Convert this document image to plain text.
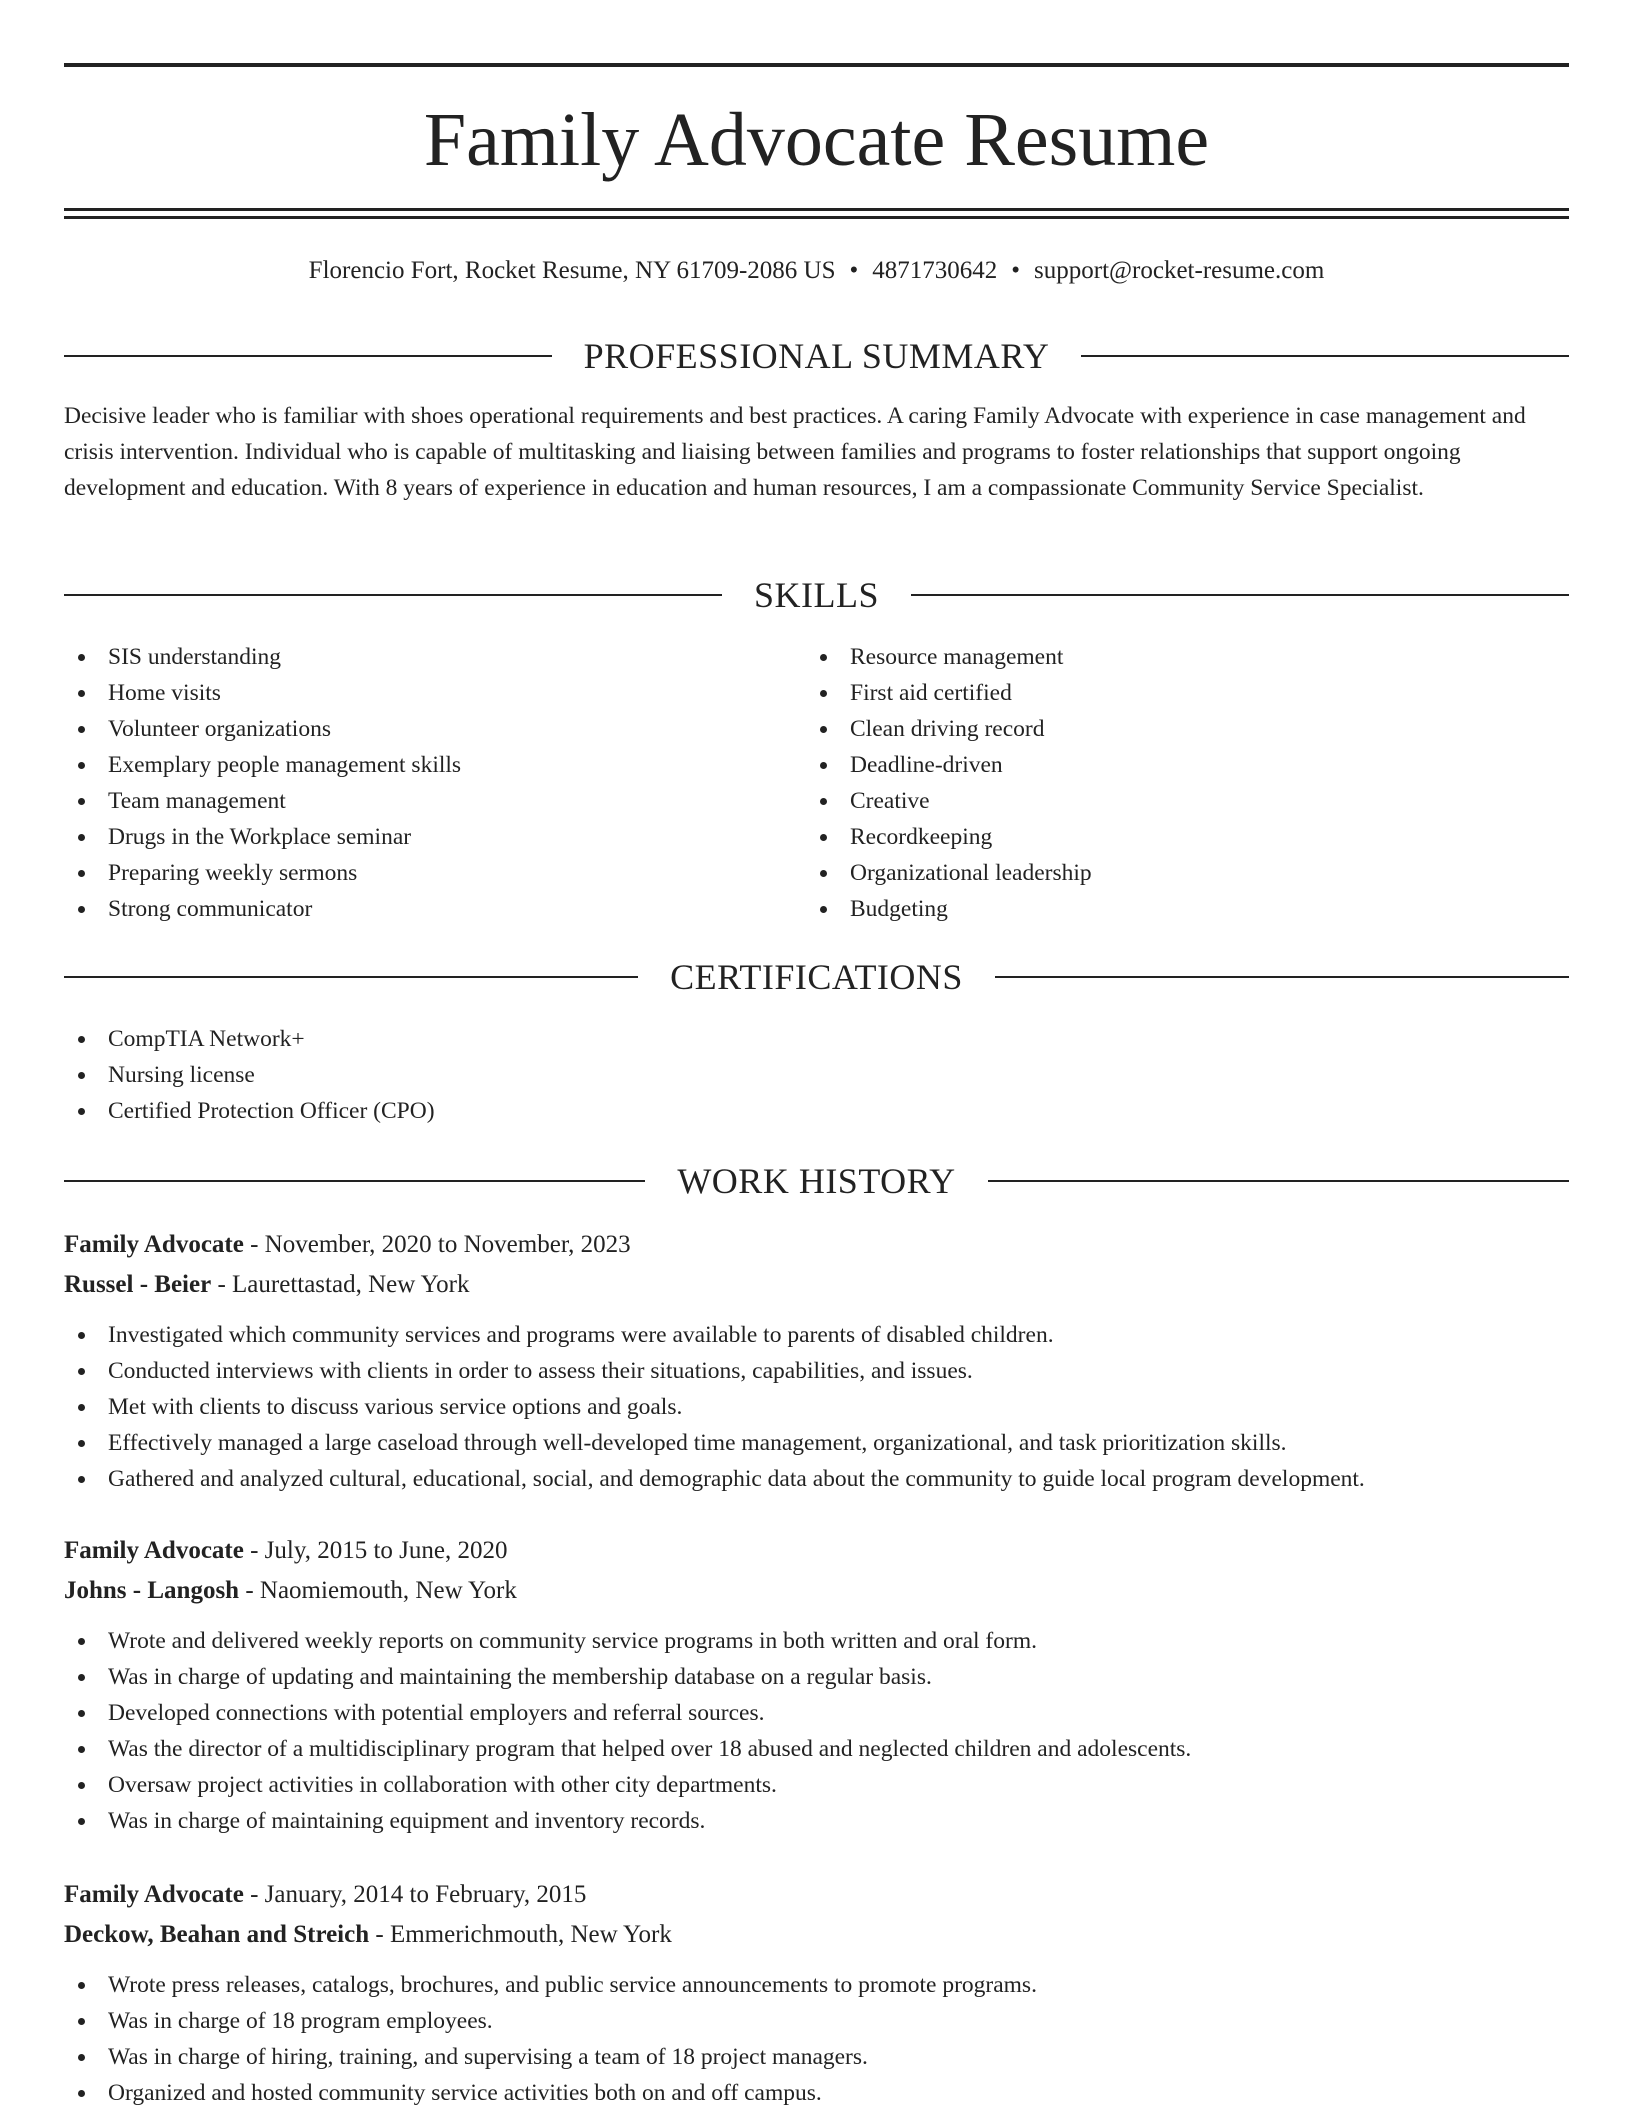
Family Advocate Resume
Florencio Fort, Rocket Resume, NY 61709-2086 US • 4871730642 • support@rocket-resume.com
PROFESSIONAL SUMMARY

Decisive leader who is familiar with shoes operational requirements and best practices. A caring Family Advocate with experience in case management and crisis intervention. Individual who is capable of multitasking and liaising between families and programs to foster relationships that support ongoing development and education. With 8 years of experience in education and human resources, I am a compassionate Community Service Specialist.

SKILLS
SIS understanding
Home visits
Volunteer organizations
Exemplary people management skills
Team management
Drugs in the Workplace seminar
Preparing weekly sermons
Strong communicator
Resource management
First aid certified
Clean driving record
Deadline-driven
Creative
Recordkeeping
Organizational leadership
Budgeting
CERTIFICATIONS
CompTIA Network+
Nursing license
Certified Protection Officer (CPO)
WORK HISTORY
Family Advocate - November, 2020 to November, 2023
Russel - Beier - Laurettastad, New York
Investigated which community services and programs were available to parents of disabled children.
Conducted interviews with clients in order to assess their situations, capabilities, and issues.
Met with clients to discuss various service options and goals.
Effectively managed a large caseload through well-developed time management, organizational, and task prioritization skills.
Gathered and analyzed cultural, educational, social, and demographic data about the community to guide local program development.
Family Advocate - July, 2015 to June, 2020
Johns - Langosh - Naomiemouth, New York
Wrote and delivered weekly reports on community service programs in both written and oral form.
Was in charge of updating and maintaining the membership database on a regular basis.
Developed connections with potential employers and referral sources.
Was the director of a multidisciplinary program that helped over 18 abused and neglected children and adolescents.
Oversaw project activities in collaboration with other city departments.
Was in charge of maintaining equipment and inventory records.
Family Advocate - January, 2014 to February, 2015
Deckow, Beahan and Streich - Emmerichmouth, New York
Wrote press releases, catalogs, brochures, and public service announcements to promote programs.
Was in charge of 18 program employees.
Was in charge of hiring, training, and supervising a team of 18 project managers.
Organized and hosted community service activities both on and off campus.
